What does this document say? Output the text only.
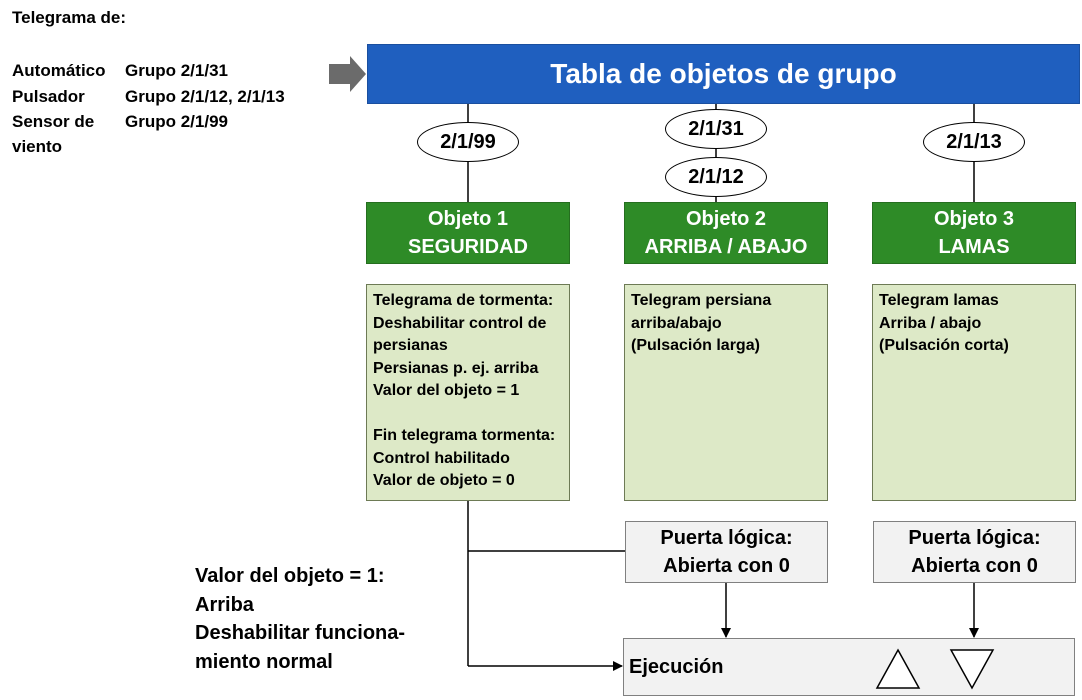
Telegrama de:
Automático	Grupo 2/1/31
Pulsador	Grupo 2/1/12, 2/1/13
Sensor de	Grupo 2/1/99
viento
Tabla de objetos de grupo
2/1/99
2/1/31
2/1/12
2/1/13
Objeto 1
SEGURIDAD
Objeto 2
ARRIBA / ABAJO
Objeto 3
LAMAS
Telegrama de tormenta:
Deshabilitar control de
persianas
Persianas p. ej. arriba
Valor del objeto = 1
Fin telegrama tormenta:
Control habilitado
Valor de objeto = 0
Telegram persiana
arriba/abajo
(Pulsación larga)
Telegram lamas
Arriba / abajo
(Pulsación corta)
Puerta lógica:
Abierta con 0
Puerta lógica:
Abierta con 0
Ejecución
Valor del objeto = 1:
Arriba
Deshabilitar funciona-
miento normal
